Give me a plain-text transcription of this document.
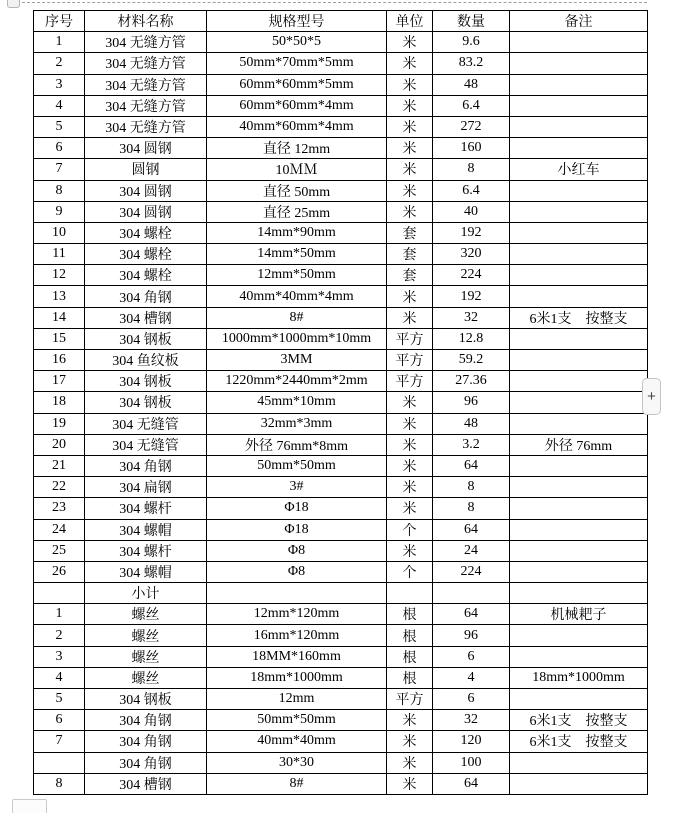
序号	材料名称	规格型号	单位	数量	备注
1	304 无缝方管	50*50*5	米	9.6	
2	304 无缝方管	50mm*70mm*5mm	米	83.2	
3	304 无缝方管	60mm*60mm*5mm	米	48	
4	304 无缝方管	60mm*60mm*4mm	米	6.4	
5	304 无缝方管	40mm*60mm*4mm	米	272	
6	304 圆钢	直径 12mm	米	160	
7	圆钢	10ＭＭ	米	8	小红车
8	304 圆钢	直径 50mm	米	6.4	
9	304 圆钢	直径 25mm	米	40	
10	304 螺栓	14mm*90mm	套	192	
11	304 螺栓	14mm*50mm	套	320	
12	304 螺栓	12mm*50mm	套	224	
13	304 角钢	40mm*40mm*4mm	米	192	
14	304 槽钢	8#	米	32	6米1支　按整支
15	304 钢板	1000mm*1000mm*10mm	平方	12.8	
16	304 鱼纹板	3MM	平方	59.2	
17	304 钢板	1220mm*2440mm*2mm	平方	27.36	
18	304 钢板	45mm*10mm	米	96	
19	304 无缝管	32mm*3mm	米	48	
20	304 无缝管	外径 76mm*8mm	米	3.2	外径 76mm
21	304 角钢	50mm*50mm	米	64	
22	304 扁钢	3#	米	8	
23	304 螺杆	Φ18	米	8	
24	304 螺帽	Φ18	个	64	
25	304 螺杆	Φ8	米	24	
26	304 螺帽	Φ8	个	224	
	小计				
1	螺丝	12mm*120mm	根	64	机械耙子
2	螺丝	16mm*120mm	根	96	
3	螺丝	18MM*160mm	根	6	
4	螺丝	18mm*1000mm	根	4	18mm*1000mm
5	304 钢板	12mm	平方	6	
6	304 角钢	50mm*50mm	米	32	6米1支　按整支
7	304 角钢	40mm*40mm	米	120	6米1支　按整支
	304 角钢	30*30	米	100	
8	304 槽钢	8#	米	64	
+
